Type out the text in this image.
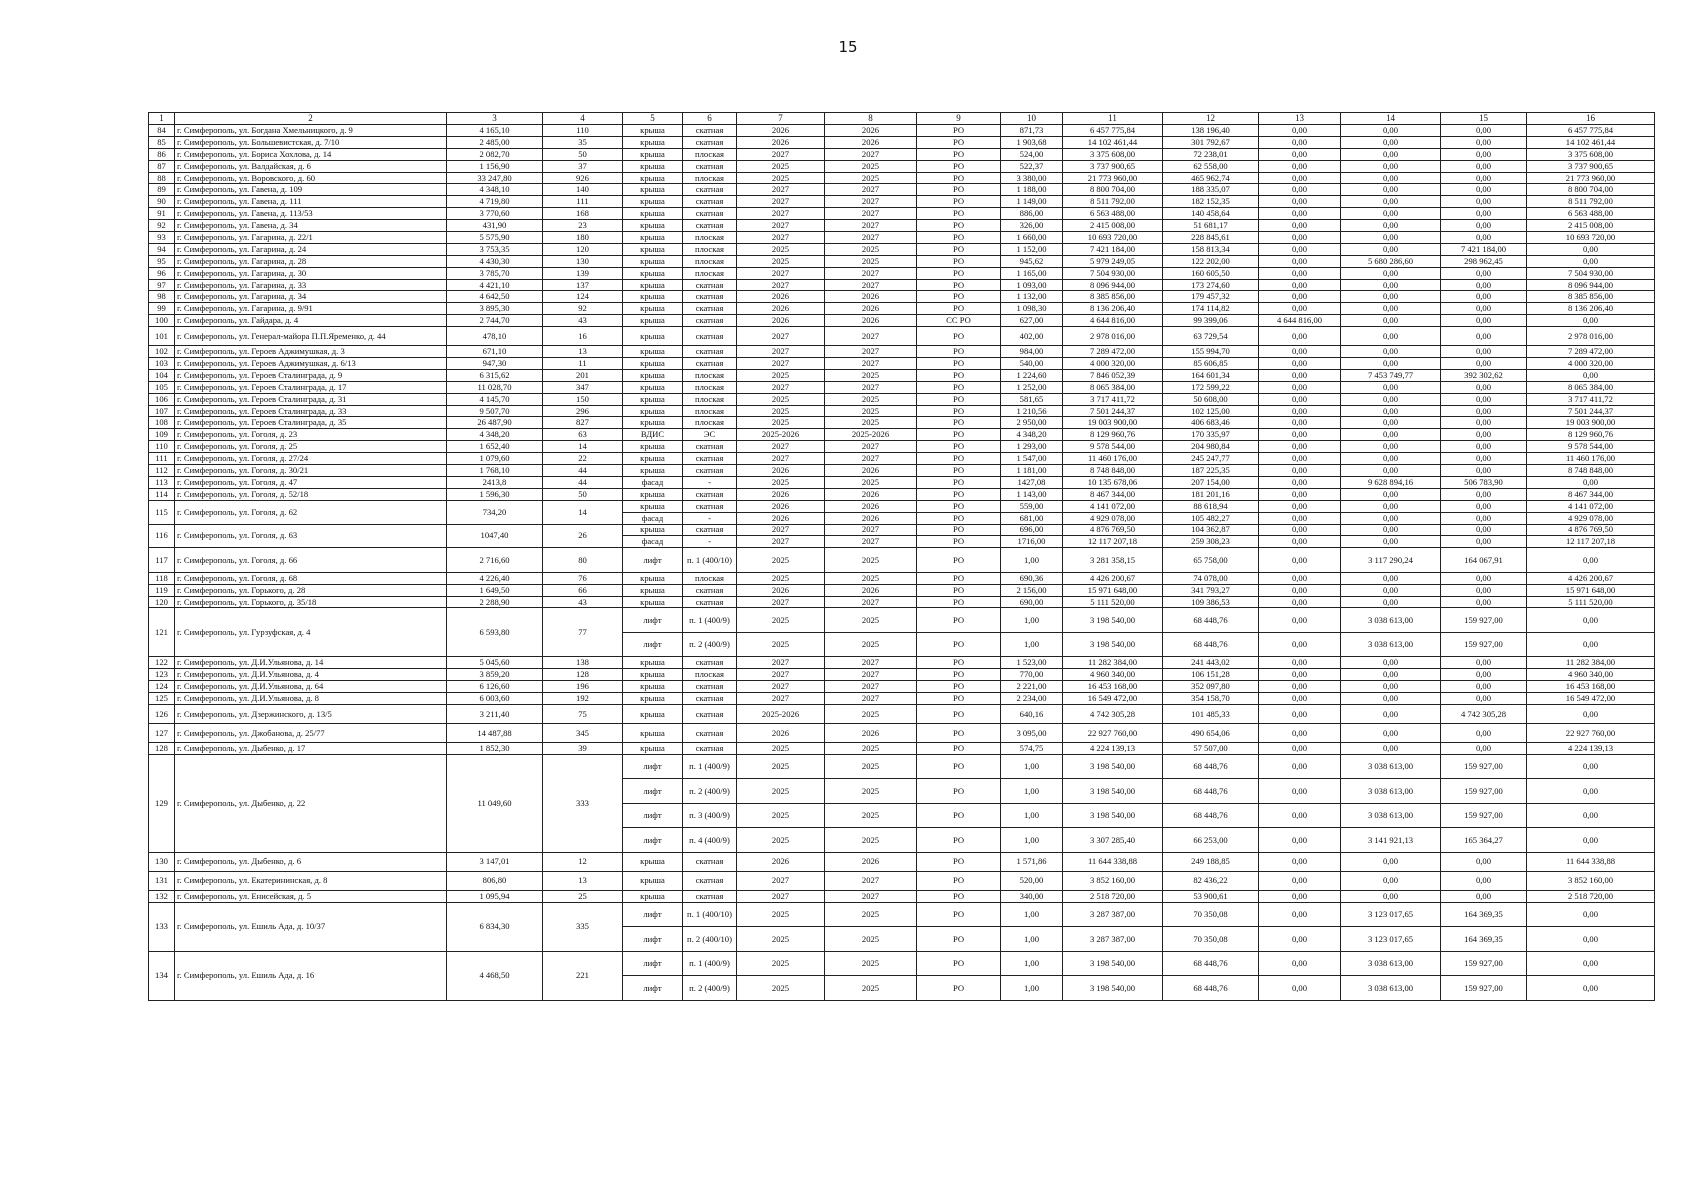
15
1	2	3	4	5	6	7	8	9	10	11	12	13	14	15	16
84	г. Симферополь, ул. Богдана Хмельницкого, д. 9	4 165,10	110	крыша	скатная	2026	2026	РО	871,73	6 457 775,84	138 196,40	0,00	0,00	0,00	6 457 775,84
85	г. Симферополь, ул. Большевистская, д. 7/10	2 485,00	35	крыша	скатная	2026	2026	РО	1 903,68	14 102 461,44	301 792,67	0,00	0,00	0,00	14 102 461,44
86	г. Симферополь, ул. Бориса Хохлова, д. 14	2 082,70	50	крыша	плоская	2027	2027	РО	524,00	3 375 608,00	72 238,01	0,00	0,00	0,00	3 375 608,00
87	г. Симферополь, ул. Валдайская, д. 6	1 156,90	37	крыша	скатная	2025	2025	РО	522,37	3 737 900,65	62 558,00	0,00	0,00	0,00	3 737 900,65
88	г. Симферополь, ул. Воровского, д. 60	33 247,80	926	крыша	плоская	2025	2025	РО	3 380,00	21 773 960,00	465 962,74	0,00	0,00	0,00	21 773 960,00
89	г. Симферополь, ул. Гавена, д. 109	4 348,10	140	крыша	скатная	2027	2027	РО	1 188,00	8 800 704,00	188 335,07	0,00	0,00	0,00	8 800 704,00
90	г. Симферополь, ул. Гавена, д. 111	4 719,80	111	крыша	скатная	2027	2027	РО	1 149,00	8 511 792,00	182 152,35	0,00	0,00	0,00	8 511 792,00
91	г. Симферополь, ул. Гавена, д. 113/53	3 770,60	168	крыша	скатная	2027	2027	РО	886,00	6 563 488,00	140 458,64	0,00	0,00	0,00	6 563 488,00
92	г. Симферополь, ул. Гавена, д. 34	431,90	23	крыша	скатная	2027	2027	РО	326,00	2 415 008,00	51 681,17	0,00	0,00	0,00	2 415 008,00
93	г. Симферополь, ул. Гагарина, д. 22/1	5 575,90	180	крыша	плоская	2027	2027	РО	1 660,00	10 693 720,00	228 845,61	0,00	0,00	0,00	10 693 720,00
94	г. Симферополь, ул. Гагарина, д. 24	3 753,35	120	крыша	плоская	2025	2025	РО	1 152,00	7 421 184,00	158 813,34	0,00	0,00	7 421 184,00	0,00
95	г. Симферополь, ул. Гагарина, д. 28	4 430,30	130	крыша	плоская	2025	2025	РО	945,62	5 979 249,05	122 202,00	0,00	5 680 286,60	298 962,45	0,00
96	г. Симферополь, ул. Гагарина, д. 30	3 785,70	139	крыша	плоская	2027	2027	РО	1 165,00	7 504 930,00	160 605,50	0,00	0,00	0,00	7 504 930,00
97	г. Симферополь, ул. Гагарина, д. 33	4 421,10	137	крыша	скатная	2027	2027	РО	1 093,00	8 096 944,00	173 274,60	0,00	0,00	0,00	8 096 944,00
98	г. Симферополь, ул. Гагарина, д. 34	4 642,50	124	крыша	скатная	2026	2026	РО	1 132,00	8 385 856,00	179 457,32	0,00	0,00	0,00	8 385 856,00
99	г. Симферополь, ул. Гагарина, д. 9/91	3 895,30	92	крыша	скатная	2026	2026	РО	1 098,30	8 136 206,40	174 114,82	0,00	0,00	0,00	8 136 206,40
100	г. Симферополь, ул. Гайдара, д. 4	2 744,70	43	крыша	скатная	2026	2026	СС РО	627,00	4 644 816,00	99 399,06	4 644 816,00	0,00	0,00	0,00
101	г. Симферополь, ул. Генерал-майора П.П.Яременко, д. 44	478,10	16	крыша	скатная	2027	2027	РО	402,00	2 978 016,00	63 729,54	0,00	0,00	0,00	2 978 016,00
102	г. Симферополь, ул. Героев Аджимушкая, д. 3	671,10	13	крыша	скатная	2027	2027	РО	984,00	7 289 472,00	155 994,70	0,00	0,00	0,00	7 289 472,00
103	г. Симферополь, ул. Героев Аджимушкая, д. 6/13	947,30	11	крыша	скатная	2027	2027	РО	540,00	4 000 320,00	85 606,85	0,00	0,00	0,00	4 000 320,00
104	г. Симферополь, ул. Героев Сталинграда, д. 9	6 315,62	201	крыша	плоская	2025	2025	РО	1 224,60	7 846 052,39	164 601,34	0,00	7 453 749,77	392 302,62	0,00
105	г. Симферополь, ул. Героев Сталинграда, д. 17	11 028,70	347	крыша	плоская	2027	2027	РО	1 252,00	8 065 384,00	172 599,22	0,00	0,00	0,00	8 065 384,00
106	г. Симферополь, ул. Героев Сталинграда, д. 31	4 145,70	150	крыша	плоская	2025	2025	РО	581,65	3 717 411,72	50 608,00	0,00	0,00	0,00	3 717 411,72
107	г. Симферополь, ул. Героев Сталинграда, д. 33	9 507,70	296	крыша	плоская	2025	2025	РО	1 210,56	7 501 244,37	102 125,00	0,00	0,00	0,00	7 501 244,37
108	г. Симферополь, ул. Героев Сталинграда, д. 35	26 487,90	827	крыша	плоская	2025	2025	РО	2 950,00	19 003 900,00	406 683,46	0,00	0,00	0,00	19 003 900,00
109	г. Симферополь, ул. Гоголя, д. 23	4 348,20	63	ВДИС	ЭС	2025-2026	2025-2026	РО	4 348,20	8 129 960,76	170 335,97	0,00	0,00	0,00	8 129 960,76
110	г. Симферополь, ул. Гоголя, д. 25	1 652,40	14	крыша	скатная	2027	2027	РО	1 293,00	9 578 544,00	204 980,84	0,00	0,00	0,00	9 578 544,00
111	г. Симферополь, ул. Гоголя, д. 27/24	1 079,60	22	крыша	скатная	2027	2027	РО	1 547,00	11 460 176,00	245 247,77	0,00	0,00	0,00	11 460 176,00
112	г. Симферополь, ул. Гоголя, д. 30/21	1 768,10	44	крыша	скатная	2026	2026	РО	1 181,00	8 748 848,00	187 225,35	0,00	0,00	0,00	8 748 848,00
113	г. Симферополь, ул. Гоголя, д. 47	2413,8	44	фасад	-	2025	2025	РО	1427,08	10 135 678,06	207 154,00	0,00	9 628 894,16	506 783,90	0,00
114	г. Симферополь, ул. Гоголя, д. 52/18	1 596,30	50	крыша	скатная	2026	2026	РО	1 143,00	8 467 344,00	181 201,16	0,00	0,00	0,00	8 467 344,00
115	г. Симферополь, ул. Гоголя, д. 62	734,20	14	крыша	скатная	2026	2026	РО	559,00	4 141 072,00	88 618,94	0,00	0,00	0,00	4 141 072,00
				фасад	-	2026	2026	РО	681,00	4 929 078,00	105 482,27	0,00	0,00	0,00	4 929 078,00
116	г. Симферополь, ул. Гоголя, д. 63	1047,40	26	крыша	скатная	2027	2027	РО	696,00	4 876 769,50	104 362,87	0,00	0,00	0,00	4 876 769,50
				фасад	-	2027	2027	РО	1716,00	12 117 207,18	259 308,23	0,00	0,00	0,00	12 117 207,18
117	г. Симферополь, ул. Гоголя, д. 66	2 716,60	80	лифт	п. 1 (400/10)	2025	2025	РО	1,00	3 281 358,15	65 758,00	0,00	3 117 290,24	164 067,91	0,00
118	г. Симферополь, ул. Гоголя, д. 68	4 226,40	76	крыша	плоская	2025	2025	РО	690,36	4 426 200,67	74 078,00	0,00	0,00	0,00	4 426 200,67
119	г. Симферополь, ул. Горького, д. 28	1 649,50	66	крыша	скатная	2026	2026	РО	2 156,00	15 971 648,00	341 793,27	0,00	0,00	0,00	15 971 648,00
120	г. Симферополь, ул. Горького, д. 35/18	2 288,90	43	крыша	скатная	2027	2027	РО	690,00	5 111 520,00	109 386,53	0,00	0,00	0,00	5 111 520,00
121	г. Симферополь, ул. Гурзуфская, д. 4	6 593,80	77	лифт	п. 1 (400/9)	2025	2025	РО	1,00	3 198 540,00	68 448,76	0,00	3 038 613,00	159 927,00	0,00
				лифт	п. 2 (400/9)	2025	2025	РО	1,00	3 198 540,00	68 448,76	0,00	3 038 613,00	159 927,00	0,00
122	г. Симферополь, ул. Д.И.Ульянова, д. 14	5 045,60	138	крыша	скатная	2027	2027	РО	1 523,00	11 282 384,00	241 443,02	0,00	0,00	0,00	11 282 384,00
123	г. Симферополь, ул. Д.И.Ульянова, д. 4	3 859,20	128	крыша	плоская	2027	2027	РО	770,00	4 960 340,00	106 151,28	0,00	0,00	0,00	4 960 340,00
124	г. Симферополь, ул. Д.И.Ульянова, д. 64	6 126,60	196	крыша	скатная	2027	2027	РО	2 221,00	16 453 168,00	352 097,80	0,00	0,00	0,00	16 453 168,00
125	г. Симферополь, ул. Д.И.Ульянова, д. 8	6 003,60	192	крыша	скатная	2027	2027	РО	2 234,00	16 549 472,00	354 158,70	0,00	0,00	0,00	16 549 472,00
126	г. Симферополь, ул. Дзержинского, д. 13/5	3 211,40	75	крыша	скатная	2025-2026	2025	РО	640,16	4 742 305,28	101 485,33	0,00	0,00	4 742 305,28	0,00
127	г. Симферополь, ул. Джобанова, д. 25/77	14 487,88	345	крыша	скатная	2026	2026	РО	3 095,00	22 927 760,00	490 654,06	0,00	0,00	0,00	22 927 760,00
128	г. Симферополь, ул. Дыбенко, д. 17	1 852,30	39	крыша	скатная	2025	2025	РО	574,75	4 224 139,13	57 507,00	0,00	0,00	0,00	4 224 139,13
129	г. Симферополь, ул. Дыбенко, д. 22	11 049,60	333	лифт	п. 1 (400/9)	2025	2025	РО	1,00	3 198 540,00	68 448,76	0,00	3 038 613,00	159 927,00	0,00
				лифт	п. 2 (400/9)	2025	2025	РО	1,00	3 198 540,00	68 448,76	0,00	3 038 613,00	159 927,00	0,00
				лифт	п. 3 (400/9)	2025	2025	РО	1,00	3 198 540,00	68 448,76	0,00	3 038 613,00	159 927,00	0,00
				лифт	п. 4 (400/9)	2025	2025	РО	1,00	3 307 285,40	66 253,00	0,00	3 141 921,13	165 364,27	0,00
130	г. Симферополь, ул. Дыбенко, д. 6	3 147,01	12	крыша	скатная	2026	2026	РО	1 571,86	11 644 338,88	249 188,85	0,00	0,00	0,00	11 644 338,88
131	г. Симферополь, ул. Екатерининская, д. 8	806,80	13	крыша	скатная	2027	2027	РО	520,00	3 852 160,00	82 436,22	0,00	0,00	0,00	3 852 160,00
132	г. Симферополь, ул. Енисейская, д. 5	1 095,94	25	крыша	скатная	2027	2027	РО	340,00	2 518 720,00	53 900,61	0,00	0,00	0,00	2 518 720,00
133	г. Симферополь, ул. Ешиль Ада, д. 10/37	6 834,30	335	лифт	п. 1 (400/10)	2025	2025	РО	1,00	3 287 387,00	70 350,08	0,00	3 123 017,65	164 369,35	0,00
				лифт	п. 2 (400/10)	2025	2025	РО	1,00	3 287 387,00	70 350,08	0,00	3 123 017,65	164 369,35	0,00
134	г. Симферополь, ул. Ешиль Ада, д. 16	4 468,50	221	лифт	п. 1 (400/9)	2025	2025	РО	1,00	3 198 540,00	68 448,76	0,00	3 038 613,00	159 927,00	0,00
				лифт	п. 2 (400/9)	2025	2025	РО	1,00	3 198 540,00	68 448,76	0,00	3 038 613,00	159 927,00	0,00
